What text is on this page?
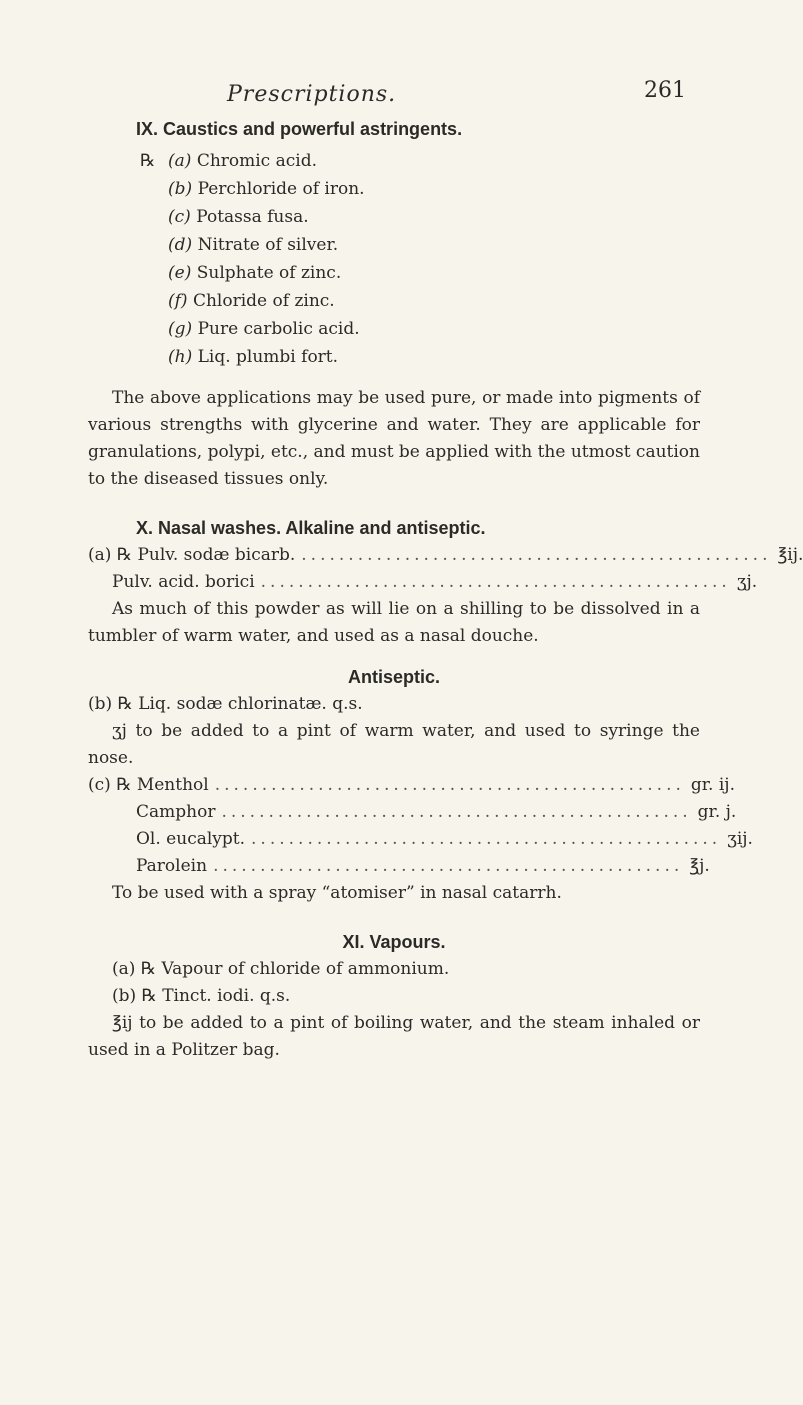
Prescriptions.	261

IX. Caustics and powerful astringents.

℞ (a) Chromic acid.
(b) Perchloride of iron.
(c) Potassa fusa.
(d) Nitrate of silver.
(e) Sulphate of zinc.
(f) Chloride of zinc.
(g) Pure carbolic acid.
(h) Liq. plumbi fort.

The above applications may be used pure, or made into pigments of various strengths with glycerine and water. They are applicable for granulations, polypi, etc., and must be applied with the utmost caution to the diseased tissues only.

X. Nasal washes. Alkaline and antiseptic.

(a) ℞ Pulv. sodæ bicarb. .................................................. ℥ij.
Pulv. acid. borici .................................................. ʒj.

As much of this powder as will lie on a shilling to be dissolved in a tumbler of warm water, and used as a nasal douche.

Antiseptic.

(b) ℞ Liq. sodæ chlorinatæ. q.s.

ʒj to be added to a pint of warm water, and used to syringe the nose.

(c) ℞ Menthol .................................................. gr. ij.
Camphor .................................................. gr. j.
Ol. eucalypt. .................................................. ʒij.
Parolein .................................................. ℥j.

To be used with a spray “atomiser” in nasal catarrh.

XI. Vapours.

(a) ℞ Vapour of chloride of ammonium.

(b) ℞ Tinct. iodi. q.s.

℥ij to be added to a pint of boiling water, and the steam inhaled or used in a Politzer bag.
